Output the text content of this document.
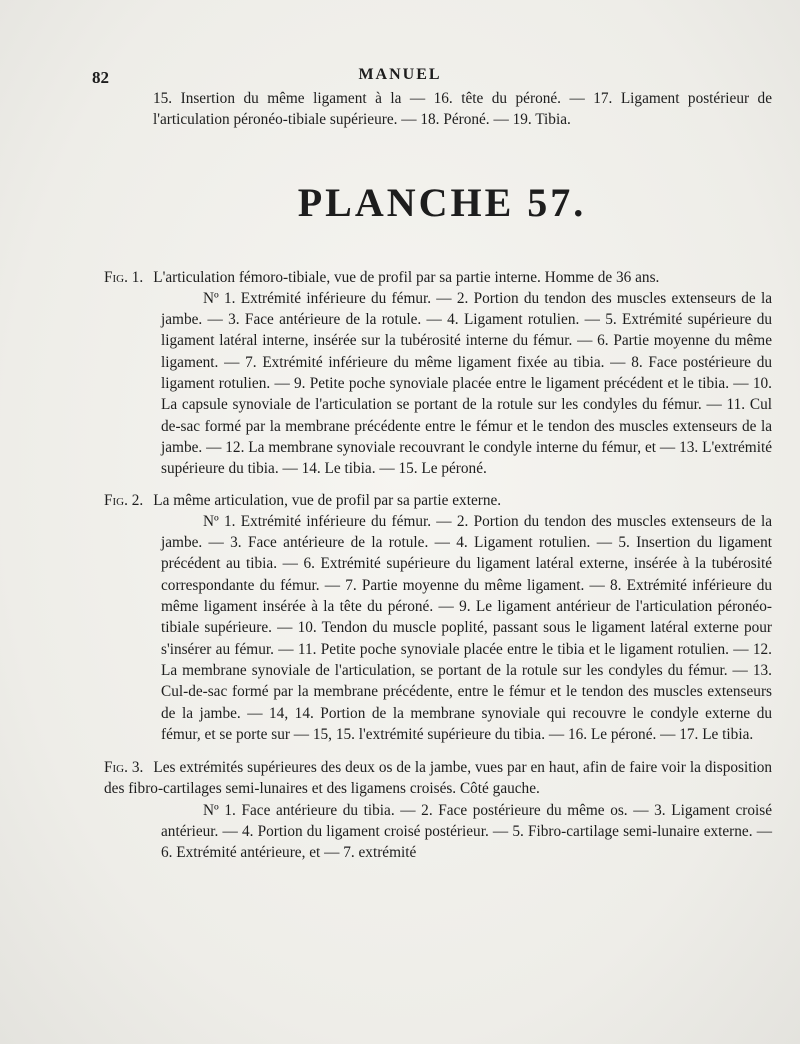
82	MANUEL

15. Insertion du même ligament à la — 16. tête du péroné. — 17. Ligament postérieur de l'articulation péronéo-tibiale supérieure. — 18. Péroné. — 19. Tibia.

PLANCHE 57.

Fig. 1. L'articulation fémoro-tibiale, vue de profil par sa partie interne. Homme de 36 ans.

Nº 1. Extrémité inférieure du fémur. — 2. Portion du tendon des muscles extenseurs de la jambe. — 3. Face antérieure de la rotule. — 4. Ligament rotulien. — 5. Extrémité supérieure du ligament latéral interne, insérée sur la tubérosité interne du fémur. — 6. Partie moyenne du même ligament. — 7. Extrémité inférieure du même ligament fixée au tibia. — 8. Face postérieure du ligament rotulien. — 9. Petite poche synoviale placée entre le ligament précédent et le tibia. — 10. La capsule synoviale de l'articulation se portant de la rotule sur les condyles du fémur. — 11. Cul de-sac formé par la membrane précédente entre le fémur et le tendon des muscles extenseurs de la jambe. — 12. La membrane synoviale recouvrant le condyle interne du fémur, et — 13. L'extrémité supérieure du tibia. — 14. Le tibia. — 15. Le péroné.

Fig. 2. La même articulation, vue de profil par sa partie externe.

Nº 1. Extrémité inférieure du fémur. — 2. Portion du tendon des muscles extenseurs de la jambe. — 3. Face antérieure de la rotule. — 4. Ligament rotulien. — 5. Insertion du ligament précédent au tibia. — 6. Extrémité supérieure du ligament latéral externe, insérée à la tubérosité correspondante du fémur. — 7. Partie moyenne du même ligament. — 8. Extrémité inférieure du même ligament insérée à la tête du péroné. — 9. Le ligament antérieur de l'articulation péronéo-tibiale supérieure. — 10. Tendon du muscle poplité, passant sous le ligament latéral externe pour s'insérer au fémur. — 11. Petite poche synoviale placée entre le tibia et le ligament rotulien. — 12. La membrane synoviale de l'articulation, se portant de la rotule sur les condyles du fémur. — 13. Cul-de-sac formé par la membrane précédente, entre le fémur et le tendon des muscles extenseurs de la jambe. — 14, 14. Portion de la membrane synoviale qui recouvre le condyle externe du fémur, et se porte sur — 15, 15. l'extrémité supérieure du tibia. — 16. Le péroné. — 17. Le tibia.

Fig. 3. Les extrémités supérieures des deux os de la jambe, vues par en haut, afin de faire voir la disposition des fibro-cartilages semi-lunaires et des ligamens croisés. Côté gauche.

Nº 1. Face antérieure du tibia. — 2. Face postérieure du même os. — 3. Ligament croisé antérieur. — 4. Portion du ligament croisé postérieur. — 5. Fibro-cartilage semi-lunaire externe. — 6. Extrémité antérieure, et — 7. extrémité
